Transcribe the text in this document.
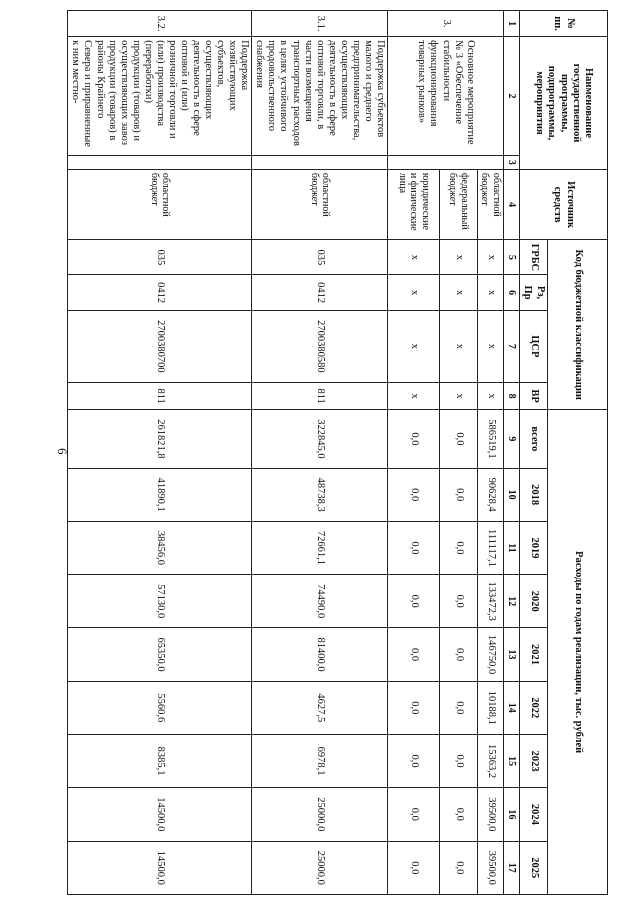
6
№ пп.	Наименование государственной программы, подпрограммы, мероприятия		Источник средств	Код бюджетной классификации				Расходы по годам реализации, тыс. рублей								
				ГРБС	Рз, Пр	ЦСР	ВР	всего	2018	2019	2020	2021	2022	2023	2024	2025
1	2	3	4	5	6	7	8	9	10	11	12	13	14	15	16	17
3.	Основное мероприятие № 3 «Обеспечение стабильности функционирования товарных рынков»		областной бюджет	x	x	x	x	586519,1	90628,4	111117,1	133472,3	146750,0	10188,1	15363,2	39500,0	39500,0
			федеральный бюджет	x	x	x	x	0,0	0,0	0,0	0,0	0,0	0,0	0,0	0,0	0,0
			юридические и физические лица	x	x	x	x	0,0	0,0	0,0	0,0	0,0	0,0	0,0	0,0	0,0
3.1.	Поддержка субъектов малого и среднего предпринимательства, осуществляющих деятельность в сфере оптовой торговли, в части возмещения транспортных расходов в целях устойчивого продовольственного снабжения		областной бюджет	035	0412	2700380580	811	322845,0	48738,3	72661,1	74490,0	81400,0	4627,5	6978,1	25000,0	25000,0
3.2.	Поддержка хозяйствующих субъектов, осуществляющих деятельность в сфере оптовой и (или) розничной торговли и (или) производства (переработки) продукции (товаров) и осуществляющих завоз продукции (товаров) в районы Крайнего Севера и приравненные к ним местно-		областной бюджет	035	0412	2700380700	811	261821,8	41890,1	38456,0	57130,0	65350,0	5560,6	8385,1	14500,0	14500,0
